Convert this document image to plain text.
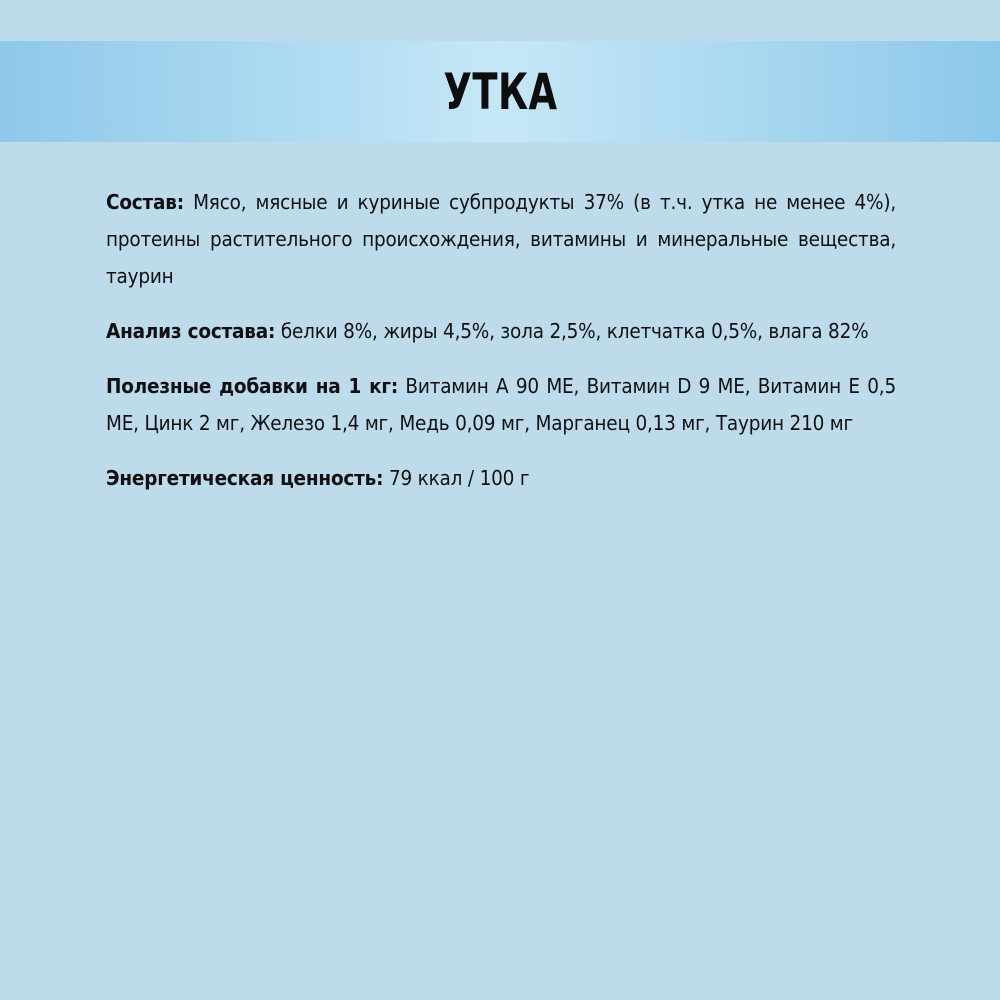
УТКА

Состав: Мясо, мясные и куриные субпродукты 37% (в т.ч. утка не менее 4%), протеины растительного происхождения, витамины и минеральные вещества, таурин

Анализ состава: белки 8%, жиры 4,5%, зола 2,5%, клетчатка 0,5%, влага 82%

Полезные добавки на 1 кг: Витамин А 90 МЕ, Витамин D 9 МЕ, Витамин E 0,5 МЕ, Цинк 2 мг, Железо 1,4 мг, Медь 0,09 мг, Марганец 0,13 мг, Таурин 210 мг

Энергетическая ценность: 79 ккал / 100 г
